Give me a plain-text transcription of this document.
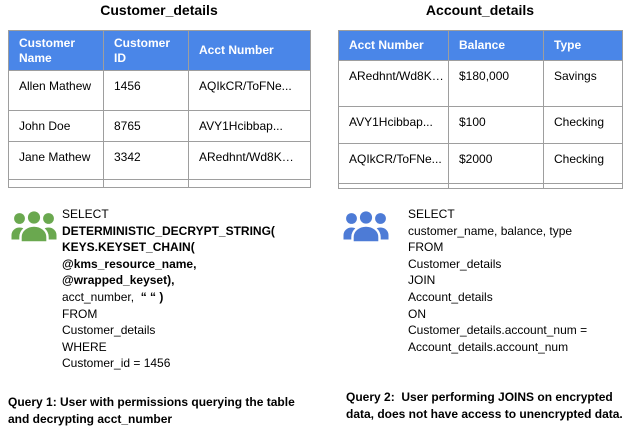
Customer_details	Account_details
Customer Name	Customer ID	Acct Number
Allen Mathew	1456	AQIkCR/ToFNe...
John Doe	8765	AVY1Hcibbap...
Jane Mathew	3342	ARedhnt/Wd8K…

Acct Number	Balance	Type
ARedhnt/Wd8K…	$180,000	Savings
AVY1Hcibbap...	$100	Checking
AQIkCR/ToFNe...	$2000	Checking

SELECT
DETERMINISTIC_DECRYPT_STRING(
KEYS.KEYSET_CHAIN(
@kms_resource_name,
@wrapped_keyset),
acct_number,  “ “ )
FROM
Customer_details
WHERE
Customer_id = 1456
SELECT
customer_name, balance, type
FROM
Customer_details
JOIN
Account_details
ON
Customer_details.account_num =
Account_details.account_num
Query 1: User with permissions querying the table and decrypting acct_number
Query 2:  User performing JOINS on encrypted data, does not have access to unencrypted data.
